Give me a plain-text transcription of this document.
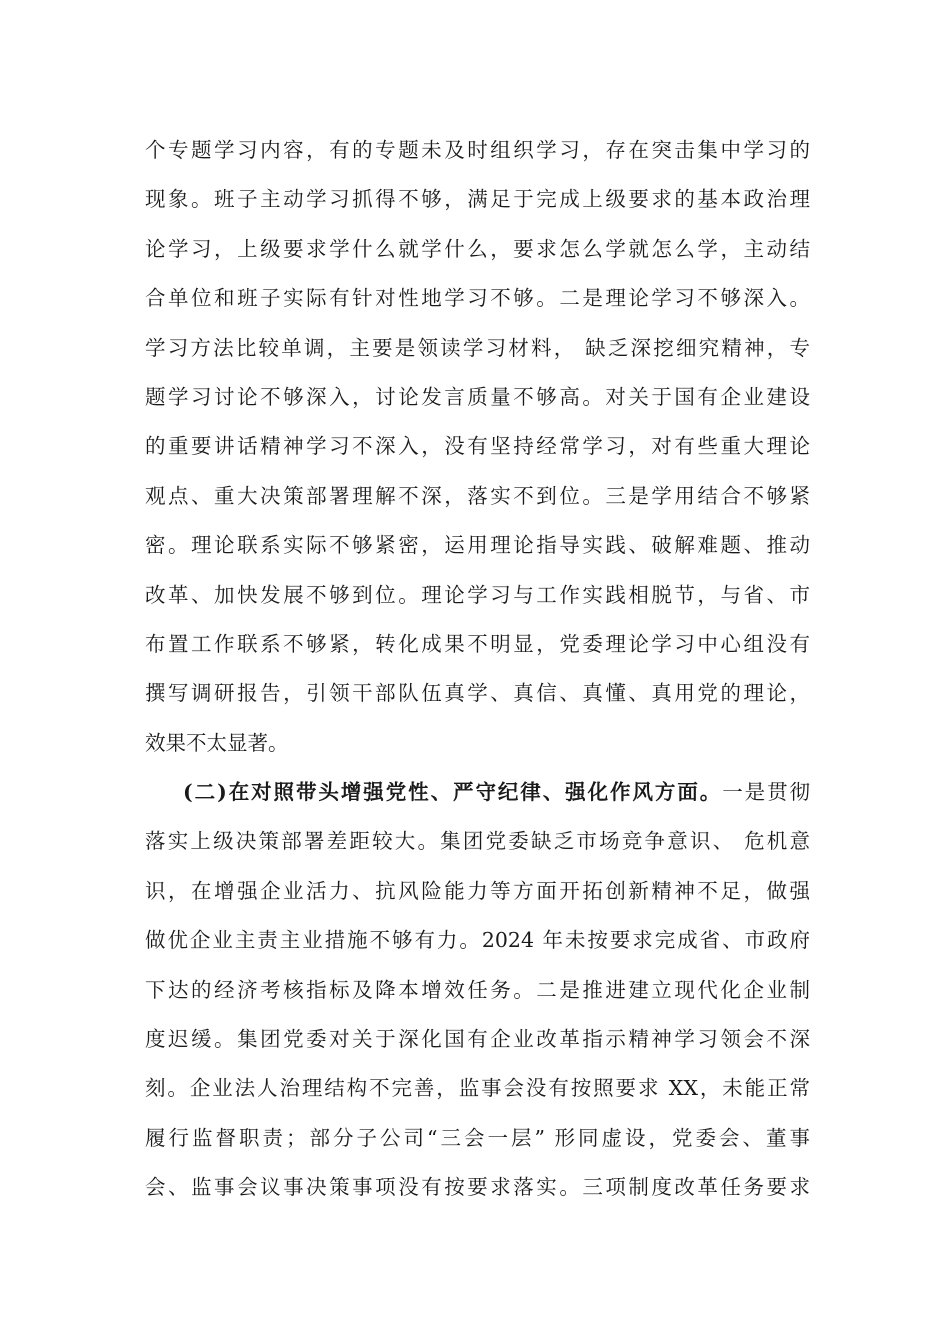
个专题学习内容，有的专题未及时组织学习，存在突击集中学习的
现象。班子主动学习抓得不够，满足于完成上级要求的基本政治理
论学习，上级要求学什么就学什么，要求怎么学就怎么学，主动结
合单位和班子实际有针对性地学习不够。二是理论学习不够深入。
学习方法比较单调，主要是领读学习材料， 缺乏深挖细究精神，专
题学习讨论不够深入，讨论发言质量不够高。对关于国有企业建设
的重要讲话精神学习不深入，没有坚持经常学习，对有些重大理论
观点、重大决策部署理解不深，落实不到位。三是学用结合不够紧
密。理论联系实际不够紧密，运用理论指导实践、破解难题、推动
改革、加快发展不够到位。理论学习与工作实践相脱节，与省、市
布置工作联系不够紧，转化成果不明显，党委理论学习中心组没有
撰写调研报告，引领干部队伍真学、真信、真懂、真用党的理论，
效果不太显著。
(二)在对照带头增强党性、严守纪律、强化作风方面。一是贯彻
落实上级决策部署差距较大。集团党委缺乏市场竞争意识、 危机意
识，在增强企业活力、抗风险能力等方面开拓创新精神不足，做强
做优企业主责主业措施不够有力。2024 年未按要求完成省、市政府
下达的经济考核指标及降本增效任务。二是推进建立现代化企业制
度迟缓。集团党委对关于深化国有企业改革指示精神学习领会不深
刻。企业法人治理结构不完善，监事会没有按照要求 XX，未能正常
履行监督职责；部分子公司“三会一层” 形同虚设，党委会、董事
会、监事会议事决策事项没有按要求落实。三项制度改革任务要求
